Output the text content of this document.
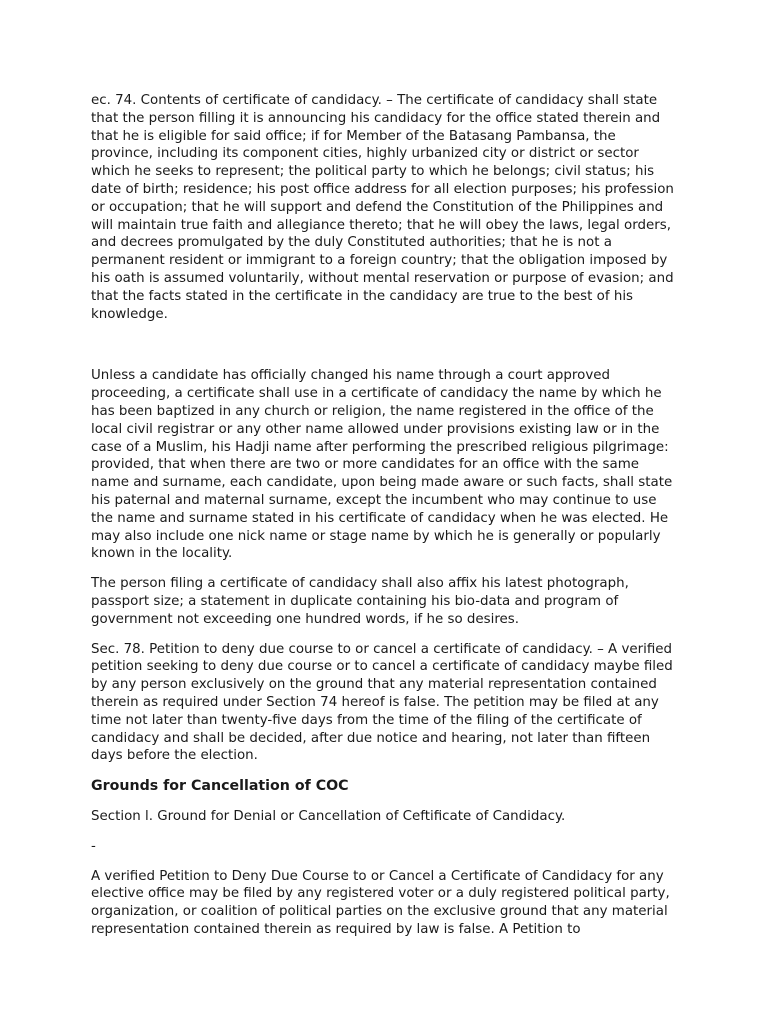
ec. 74. Contents of certificate of candidacy. – The certificate of candidacy shall state that the person filling it is announcing his candidacy for the office stated therein and that he is eligible for said office; if for Member of the Batasang Pambansa, the province, including its component cities, highly urbanized city or district or sector which he seeks to represent; the political party to which he belongs; civil status; his date of birth; residence; his post office address for all election purposes; his profession or occupation; that he will support and defend the Constitution of the Philippines and will maintain true faith and allegiance thereto; that he will obey the laws, legal orders, and decrees promulgated by the duly Constituted authorities; that he is not a permanent resident or immigrant to a foreign country; that the obligation imposed by his oath is assumed voluntarily, without mental reservation or purpose of evasion; and that the facts stated in the certificate in the candidacy are true to the best of his knowledge.

Unless a candidate has officially changed his name through a court approved proceeding, a certificate shall use in a certificate of candidacy the name by which he has been baptized in any church or religion, the name registered in the office of the local civil registrar or any other name allowed under provisions existing law or in the case of a Muslim, his Hadji name after performing the prescribed religious pilgrimage: provided, that when there are two or more candidates for an office with the same name and surname, each candidate, upon being made aware or such facts, shall state his paternal and maternal surname, except the incumbent who may continue to use the name and surname stated in his certificate of candidacy when he was elected. He may also include one nick name or stage name by which he is generally or popularly known in the locality.

The person filing a certificate of candidacy shall also affix his latest photograph, passport size; a statement in duplicate containing his bio-data and program of government not exceeding one hundred words, if he so desires.

Sec. 78. Petition to deny due course to or cancel a certificate of candidacy. – A verified petition seeking to deny due course or to cancel a certificate of candidacy maybe filed by any person exclusively on the ground that any material representation contained therein as required under Section 74 hereof is false. The petition may be filed at any time not later than twenty-five days from the time of the filing of the certificate of candidacy and shall be decided, after due notice and hearing, not later than fifteen days before the election.

Grounds for Cancellation of COC

Section l. Ground for Denial or Cancellation of Ceftificate of Candidacy.

-

A verified Petition to Deny Due Course to or Cancel a Certificate of Candidacy for any elective office may be filed by any registered voter or a duly registered political party, organization, or coalition of political parties on the exclusive ground that any material representation contained therein as required by law is false. A Petition to
